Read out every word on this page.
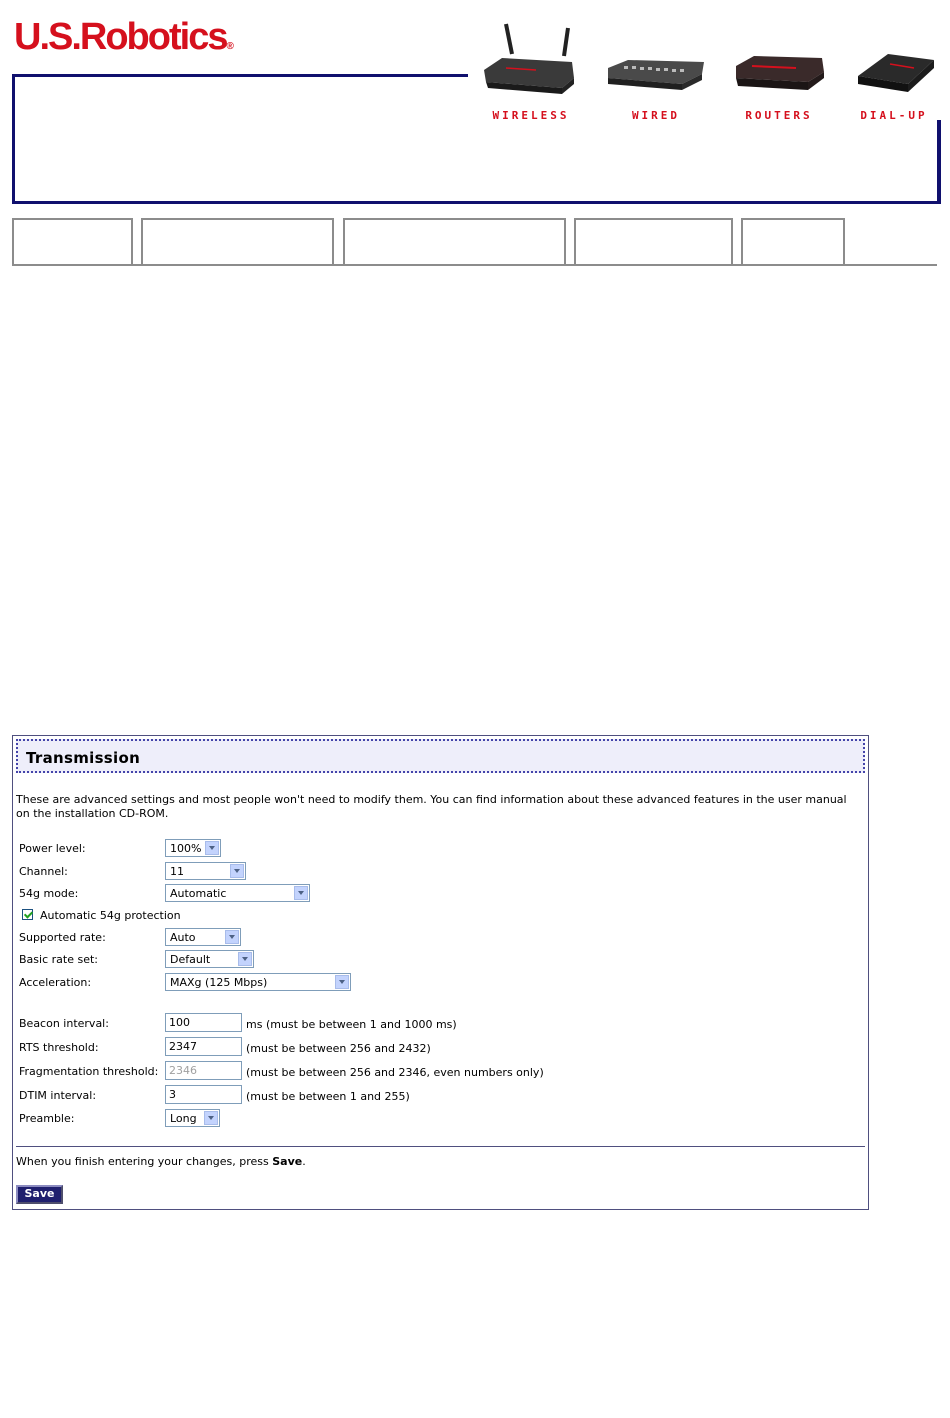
U.S.Robotics®
WIRELESS	WIRED	ROUTERS	DIAL-UP
Transmission
These are advanced settings and most people won't need to modify them. You can find information about these advanced features in the user manual on the installation CD-ROM.
Power level:	100%
Channel:	11
54g mode:	Automatic
Automatic 54g protection
Supported rate:	Auto
Basic rate set:	Default
Acceleration:	MAXg (125 Mbps)
Beacon interval:	100	ms (must be between 1 and 1000 ms)
RTS threshold:	2347	(must be between 256 and 2432)
Fragmentation threshold: 2346	(must be between 256 and 2346, even numbers only)
DTIM interval:	3	(must be between 1 and 255)
Preamble:	Long
When you finish entering your changes, press Save.
Save
